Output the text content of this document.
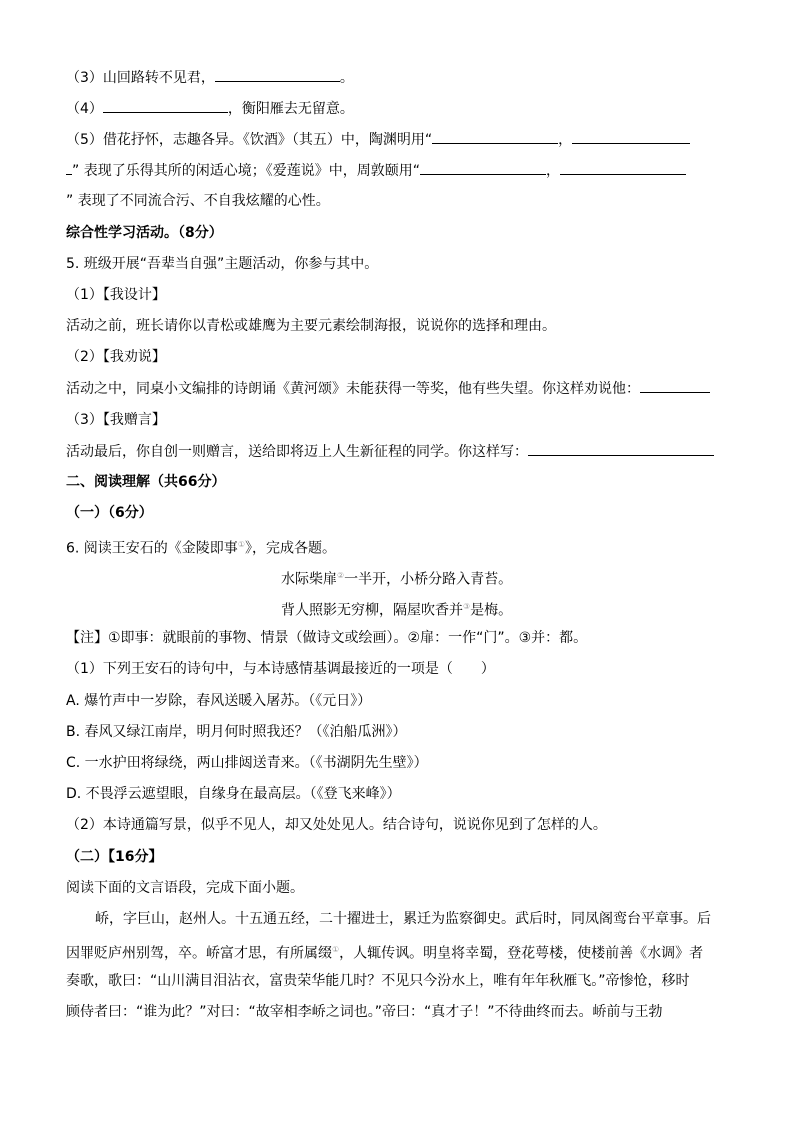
（3）山回路转不见君，	。
（4）	，衡阳雁去无留意。
（5）借花抒怀，志趣各异。《饮酒》（其五）中，陶渊明用“	，
” 表现了乐得其所的闲适心境；《爱莲说》中，周敦颐用“	，
” 表现了不同流合污、不自我炫耀的心性。
综合性学习活动。（8分）
5. 班级开展“吾辈当自强”主题活动，你参与其中。
（1）【我设计】
活动之前，班长请你以青松或雄鹰为主要元素绘制海报，说说你的选择和理由。
（2）【我劝说】
活动之中，同桌小文编排的诗朗诵《黄河颂》未能获得一等奖，他有些失望。你这样劝说他：
（3）【我赠言】
活动最后，你自创一则赠言，送给即将迈上人生新征程的同学。你这样写：
二、阅读理解（共66分）
（一）（6分）
6. 阅读王安石的《金陵即事①》，完成各题。
水际柴扉②一半开，小桥分路入青苔。
背人照影无穷柳，隔屋吹香并③是梅。
【注】①即事：就眼前的事物、情景（做诗文或绘画）。②扉：一作“门”。③并：都。
（1）下列王安石的诗句中，与本诗感情基调最接近的一项是（　　）
A. 爆竹声中一岁除，春风送暖入屠苏。（《元日》）
B. 春风又绿江南岸，明月何时照我还？（《泊船瓜洲》）
C. 一水护田将绿绕，两山排闼送青来。（《书湖阴先生壁》）
D. 不畏浮云遮望眼，自缘身在最高层。（《登飞来峰》）
（2）本诗通篇写景，似乎不见人，却又处处见人。结合诗句，说说你见到了怎样的人。
（二）【16分】
阅读下面的文言语段，完成下面小题。
峤，字巨山，赵州人。十五通五经，二十擢进士，累迁为监察御史。武后时，同凤阁鸾台平章事。后
因罪贬庐州别驾，卒。峤富才思，有所属缀①，人辄传讽。明皇将幸蜀，登花萼楼，使楼前善《水调》者
奏歌，歌曰：“山川满目泪沾衣，富贵荣华能几时？不见只今汾水上，唯有年年秋雁飞。”帝惨怆，移时
顾侍者曰：“谁为此？”对曰：“故宰相李峤之词也。”帝曰：“真才子！”不待曲终而去。峤前与王勃
